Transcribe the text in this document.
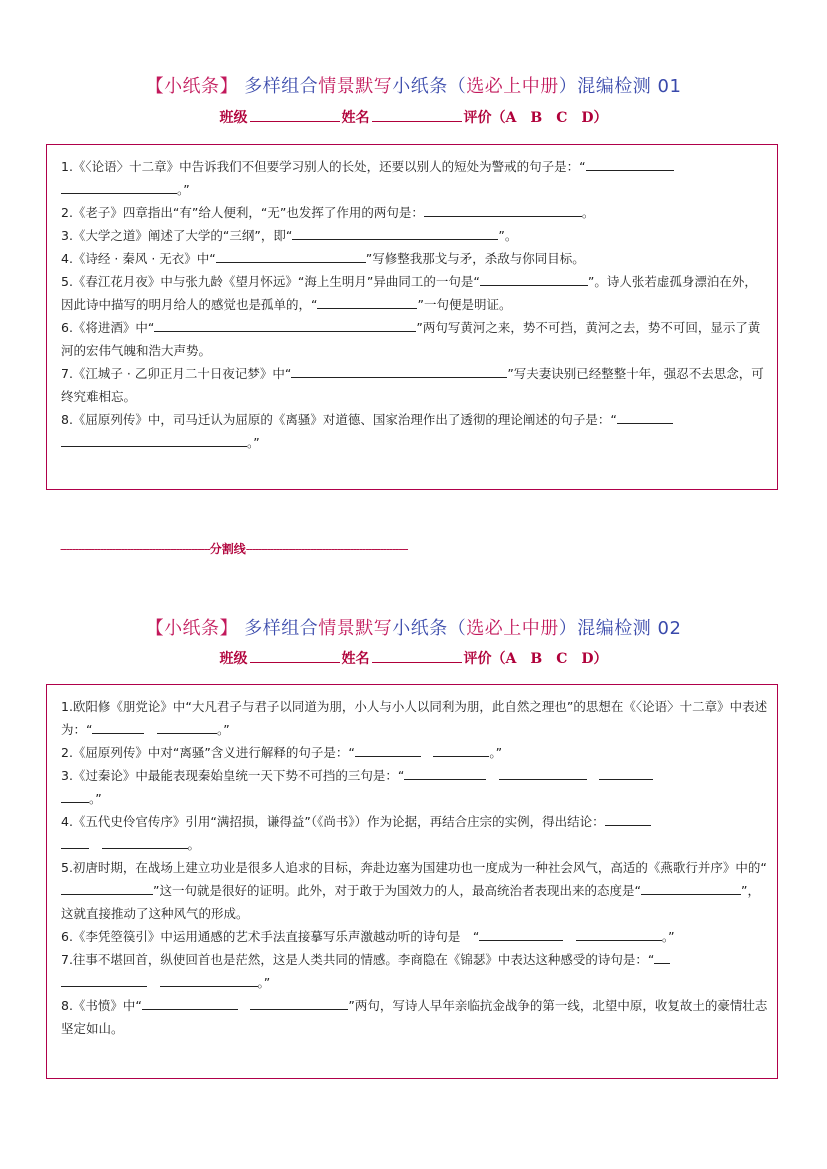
【小纸条】 多样组合情景默写小纸条（选必上中册）混编检测 01
班级	姓名	评价（A　B　C　D）

1.《〈论语〉十二章》中告诉我们不但要学习别人的长处，还要以别人的短处为警戒的句子是：“
。”

2.《老子》四章指出“有”给人便利，“无”也发挥了作用的两句是：	。

3.《大学之道》阐述了大学的“三纲”，即“	”。

4.《诗经 · 秦风 · 无衣》中“	”写修整我那戈与矛，杀敌与你同目标。

5.《春江花月夜》中与张九龄《望月怀远》“海上生明月”异曲同工的一句是“	”。诗人张若虚孤身漂泊在外，因此诗中描写的明月给人的感觉也是孤单的，“	”一句便是明证。

6.《将进酒》中“	”两句写黄河之来，势不可挡，黄河之去，势不可回，显示了黄河的宏伟气魄和浩大声势。

7.《江城子 · 乙卯正月二十日夜记梦》中“	”写夫妻诀别已经整整十年，强忍不去思念，可终究难相忘。

8.《屈原列传》中，司马迁认为屈原的《离骚》对道德、国家治理作出了透彻的理论阐述的句子是：“
。”

-------------------------------------------------分割线-----------------------------------------------------
【小纸条】 多样组合情景默写小纸条（选必上中册）混编检测 02
班级	姓名	评价（A　B　C　D）

1.欧阳修《朋党论》中“大凡君子与君子以同道为朋，小人与小人以同利为朋，此自然之理也”的思想在《〈论语〉十二章》中表述为：“　	。”

2.《屈原列传》中对“离骚”含义进行解释的句子是：“　	。”

3.《过秦论》中最能表现秦始皇统一天下势不可挡的三句是：“　　
。”

4.《五代史伶官传序》引用“满招损，谦得益”（《尚书》）作为论据，再结合庄宗的实例，得出结论：
　。

5.初唐时期，在战场上建立功业是很多人追求的目标，奔赴边塞为国建功也一度成为一种社会风气，高适的《燕歌行并序》中的“”这一句就是很好的证明。此外，对于敢于为国效力的人，最高统治者表现出来的态度是“	”，这就直接推动了这种风气的形成。

6.《李凭箜篌引》中运用通感的艺术手法直接摹写乐声激越动听的诗句是　“　	。”

7.往事不堪回首，纵使回首也是茫然，这是人类共同的情感。李商隐在《锦瑟》中表达这种感受的诗句是：“
　。”

8.《书愤》中“　	”两句，写诗人早年亲临抗金战争的第一线，北望中原，收复故土的豪情壮志坚定如山。
